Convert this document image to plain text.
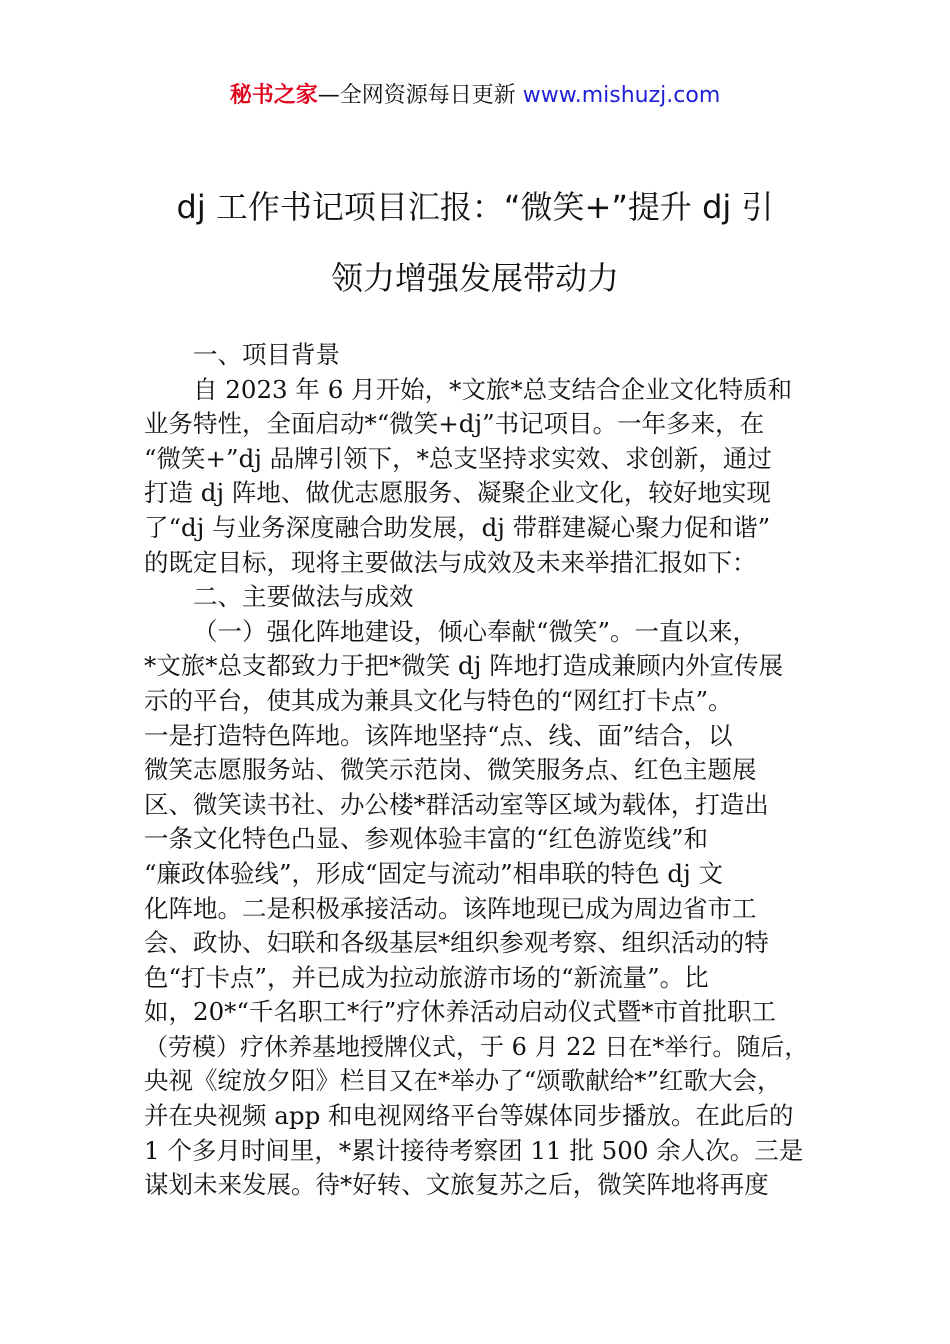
秘书之家—全网资源每日更新 www.mishuzj.com
dj 工作书记项目汇报：“微笑+”提升 dj 引
领力增强发展带动力
一、项目背景
自 2023 年 6 月开始，*文旅*总支结合企业文化特质和
业务特性，全面启动*“微笑+dj”书记项目。一年多来，在
“微笑+”dj 品牌引领下，*总支坚持求实效、求创新，通过
打造 dj 阵地、做优志愿服务、凝聚企业文化，较好地实现
了“dj 与业务深度融合助发展，dj 带群建凝心聚力促和谐”
的既定目标，现将主要做法与成效及未来举措汇报如下：
二、主要做法与成效
（一）强化阵地建设，倾心奉献“微笑”。一直以来，
*文旅*总支都致力于把*微笑 dj 阵地打造成兼顾内外宣传展
示的平台，使其成为兼具文化与特色的“网红打卡点”。
一是打造特色阵地。该阵地坚持“点、线、面”结合，以
微笑志愿服务站、微笑示范岗、微笑服务点、红色主题展
区、微笑读书社、办公楼*群活动室等区域为载体，打造出
一条文化特色凸显、参观体验丰富的“红色游览线”和
“廉政体验线”，形成“固定与流动”相串联的特色 dj 文
化阵地。二是积极承接活动。该阵地现已成为周边省市工
会、政协、妇联和各级基层*组织参观考察、组织活动的特
色“打卡点”，并已成为拉动旅游市场的“新流量”。比
如，20*“千名职工*行”疗休养活动启动仪式暨*市首批职工
（劳模）疗休养基地授牌仪式，于 6 月 22 日在*举行。随后，
央视《绽放夕阳》栏目又在*举办了“颂歌献给*”红歌大会，
并在央视频 app 和电视网络平台等媒体同步播放。在此后的
1 个多月时间里，*累计接待考察团 11 批 500 余人次。三是
谋划未来发展。待*好转、文旅复苏之后，微笑阵地将再度
